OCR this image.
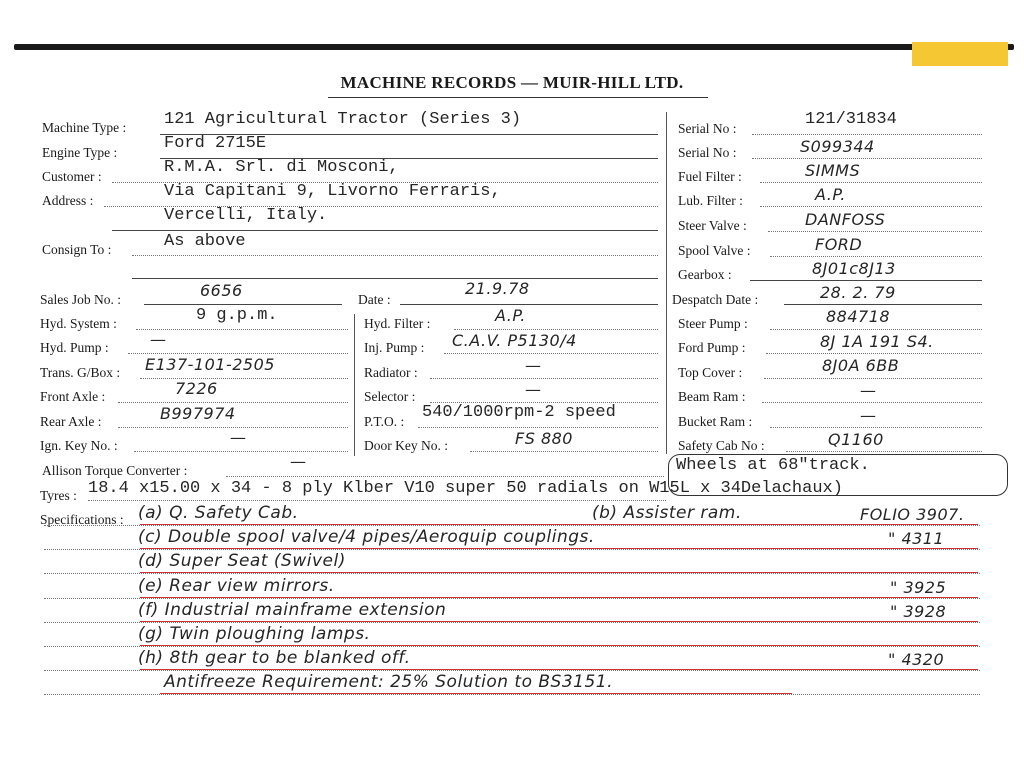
MACHINE RECORDS — MUIR-HILL LTD.
Machine Type : 121 Agricultural Tractor (Series 3)
Engine Type :	Ford 2715E
Customer :	R.M.A. Srl. di Mosconi,
Address :	Via Capitani 9, Livorno Ferraris,
Vercelli, Italy.
Consign To :	As above
Serial No :	121/31834
Serial No :	S099344
Fuel Filter :	SIMMS
Lub. Filter :	A.P.
Steer Valve :	DANFOSS
Spool Valve :	FORD
Gearbox :	8J01c8J13
Sales Job No. :	6656	Date :
21.9.78
Despatch Date :	28. 2. 79
Hyd. System :	9 g.p.m.	Hyd. Filter :	A.P.	Steer Pump :	884718
Hyd. Pump :	—	Inj. Pump : C.A.V. P5130/4	Ford Pump :	8J 1A 191 S4.
Trans. G/Box : E137-101-2505	Radiator :	—	Top Cover :	8J0A 6BB
Front Axle :	7226	Selector :	—	Beam Ram :	—
Rear Axle :	B997974	P.T.O. : 540/1000rpm-2 speed	Bucket Ram :	—
Ign. Key No. :	—	Door Key No. :	FS 880	Safety Cab No :	Q1160
Allison Torque Converter :	—	Wheels at 68"track.
Tyres : 18.4 x15.00 x 34 - 8 ply Klber V10 super 50 radials on W15L x 34Delachaux)
Specifications : (a) Q. Safety Cab.	(b) Assister ram.	FOLIO 3907.
(c) Double spool valve/4 pipes/Aeroquip couplings.	" 4311
(d) Super Seat (Swivel)
(e) Rear view mirrors.	" 3925
(f) Industrial mainframe extension	" 3928
(g) Twin ploughing lamps.
(h) 8th gear to be blanked off.	" 4320
Antifreeze Requirement: 25% Solution to BS3151.
